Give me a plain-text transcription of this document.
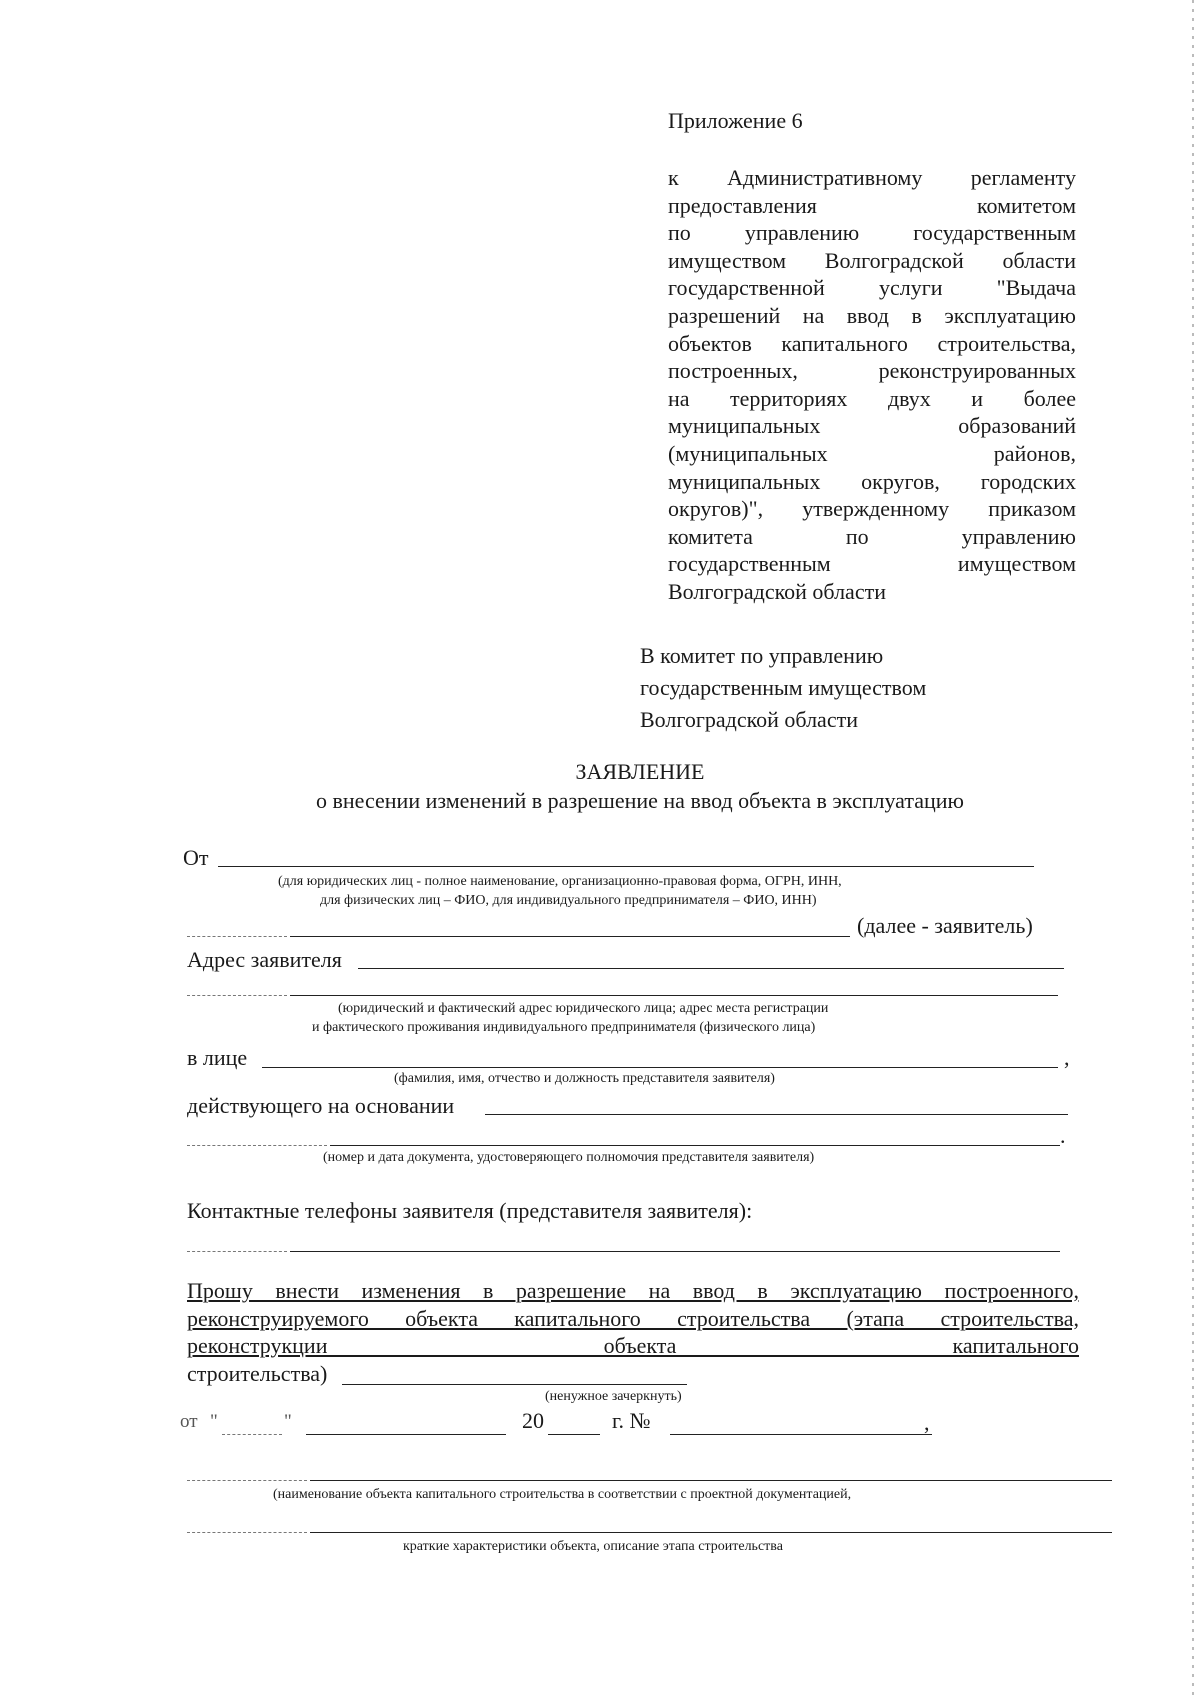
Приложение 6
к Административному регламенту
предоставления комитетом
по управлению государственным
имуществом Волгоградской области
государственной услуги "Выдача
разрешений на ввод в эксплуатацию
объектов капитального строительства,
построенных, реконструированных
на территориях двух и более
муниципальных образований
(муниципальных районов,
муниципальных округов, городских
округов)", утвержденному приказом
комитета по управлению
государственным имуществом
Волгоградской области
В комитет по управлению
государственным имуществом
Волгоградской области
ЗАЯВЛЕНИЕ
о внесении изменений в разрешение на ввод объекта в эксплуатацию
От
(для юридических лиц - полное наименование, организационно-правовая форма, ОГРН, ИНН,
для физических лиц – ФИО, для индивидуального предпринимателя – ФИО, ИНН)
(далее - заявитель)
Адрес заявителя
(юридический и фактический адрес юридического лица; адрес места регистрации
и фактического проживания индивидуального предпринимателя (физического лица)
в лице	,
(фамилия, имя, отчество и должность представителя заявителя)
действующего на основании
.
(номер и дата документа, удостоверяющего полномочия представителя заявителя)
Контактные телефоны заявителя (представителя заявителя):
Прошу внести изменения в разрешение на ввод в эксплуатацию построенного,
реконструируемого объекта капитального строительства (этапа строительства,
реконструкции объекта капитального
строительства)
(ненужное зачеркнуть)
от "	"	20	г. №	,
(наименование объекта капитального строительства в соответствии с проектной документацией,
краткие характеристики объекта, описание этапа строительства
